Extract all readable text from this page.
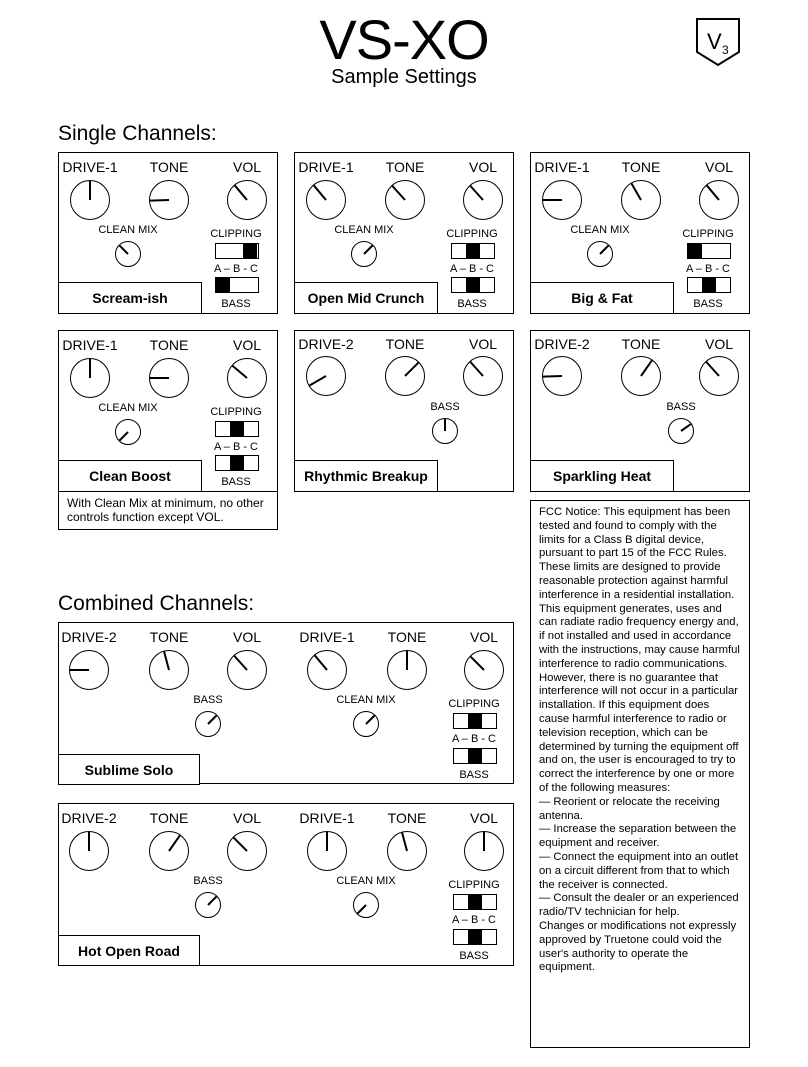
VS-XO
Sample Settings
V 3
Single Channels:
Combined Channels:
With Clean Mix at minimum, no other controls function except VOL.	FCC Notice: This equipment has been tested and found to comply with the limits for a Class B digital device, pursuant to part 15 of the FCC Rules. These limits are designed to provide reasonable protection against harmful interference in a residential installation. This equipment generates, uses and can radiate radio frequency energy and, if not installed and used in accordance with the instructions, may cause harmful interference to radio communications. However, there is no guarantee that interference will not occur in a particular installation. If this equipment does cause harmful interference to radio or television reception, which can be determined by turning the equipment off and on, the user is encouraged to try to correct the interference by one or more of the following measures:
— Reorient or relocate the receiving antenna.
— Increase the separation between the equipment and receiver.
— Connect the equipment into an outlet on a circuit different from that to which the receiver is connected.
— Consult the dealer or an experienced radio/TV technician for help.
Changes or modifications not expressly approved by Truetone could void the user's authority to operate the equipment.
DRIVE-1 TONE	VOL
CLEAN MIX	CLIPPING
A – B - C
BASS
Scream-ish
DRIVE-1 TONE	VOL
CLEAN MIX	CLIPPING
A – B - C
BASS
Open Mid Crunch
DRIVE-1 TONE	VOL
CLEAN MIX	CLIPPING
A – B - C
BASS
Big & Fat
DRIVE-1 TONE	VOL
CLEAN MIX	CLIPPING
A – B - C
BASS
Clean Boost
DRIVE-2 TONE	VOL
BASS
Rhythmic Breakup
DRIVE-2 TONE	VOL
BASS
Sparkling Heat
DRIVE-2 TONE	VOL	DRIVE-1 TONE	VOL
BASS	CLEAN MIX	CLIPPING
A – B - C
BASS
Sublime Solo
DRIVE-2 TONE	VOL	DRIVE-1 TONE	VOL
BASS	CLEAN MIX	CLIPPING
A – B - C
BASS
Hot Open Road
